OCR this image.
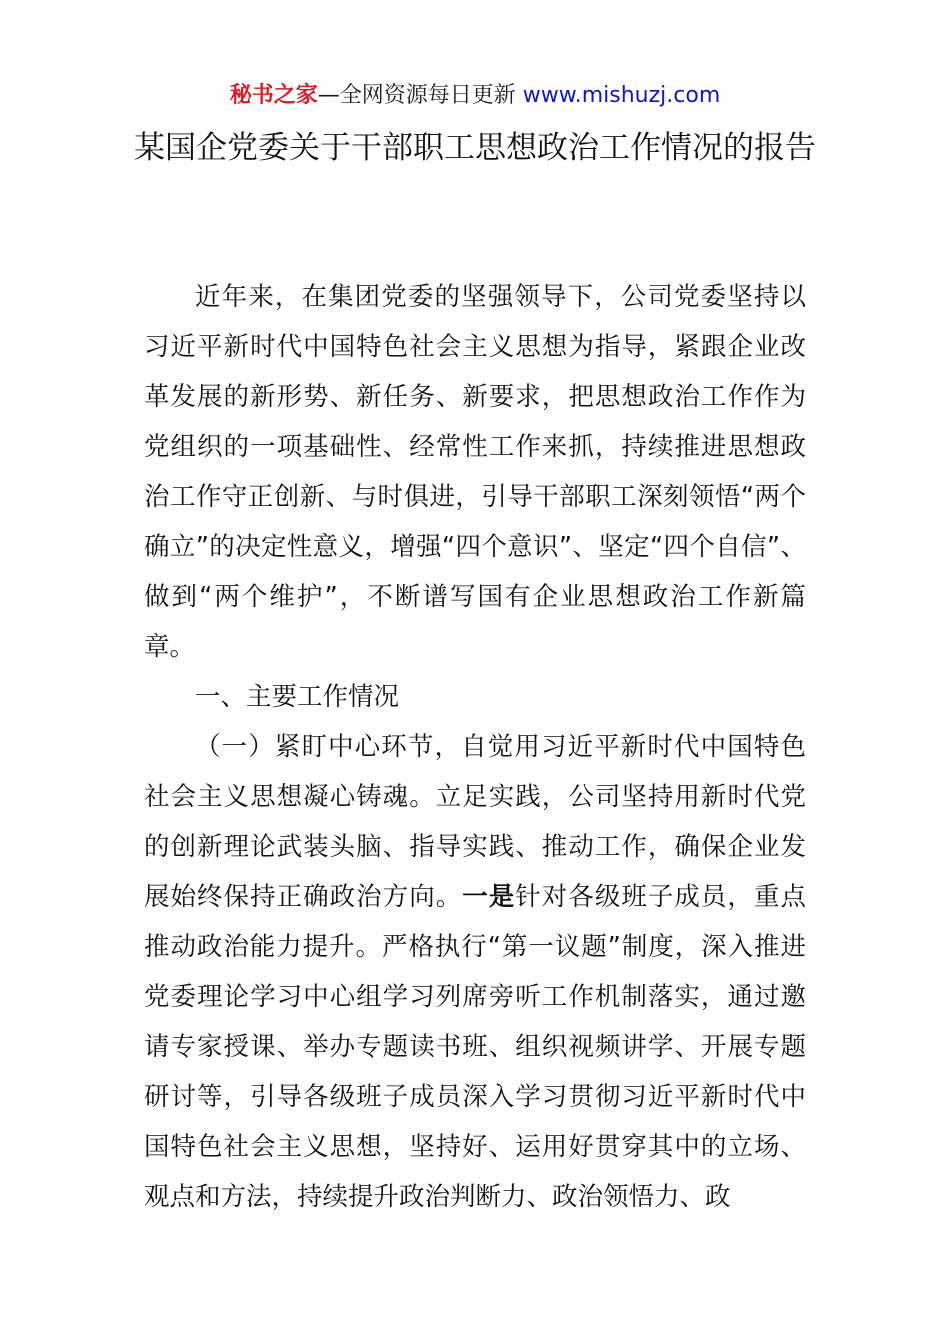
秘书之家—全网资源每日更新 www.mishuzj.com
某国企党委关于干部职工思想政治工作情况的报告

近年来，在集团党委的坚强领导下，公司党委坚持以习近平新时代中国特色社会主义思想为指导，紧跟企业改革发展的新形势、新任务、新要求，把思想政治工作作为党组织的一项基础性、经常性工作来抓，持续推进思想政治工作守正创新、与时俱进，引导干部职工深刻领悟“两个确立”的决定性意义，增强“四个意识”、坚定“四个自信”、做到“两个维护”，不断谱写国有企业思想政治工作新篇章。

一、主要工作情况

（一）紧盯中心环节，自觉用习近平新时代中国特色社会主义思想凝心铸魂。立足实践，公司坚持用新时代党的创新理论武装头脑、指导实践、推动工作，确保企业发展始终保持正确政治方向。一是针对各级班子成员，重点推动政治能力提升。严格执行“第一议题”制度，深入推进党委理论学习中心组学习列席旁听工作机制落实，通过邀请专家授课、举办专题读书班、组织视频讲学、开展专题研讨等，引导各级班子成员深入学习贯彻习近平新时代中国特色社会主义思想，坚持好、运用好贯穿其中的立场、观点和方法，持续提升政治判断力、政治领悟力、政
